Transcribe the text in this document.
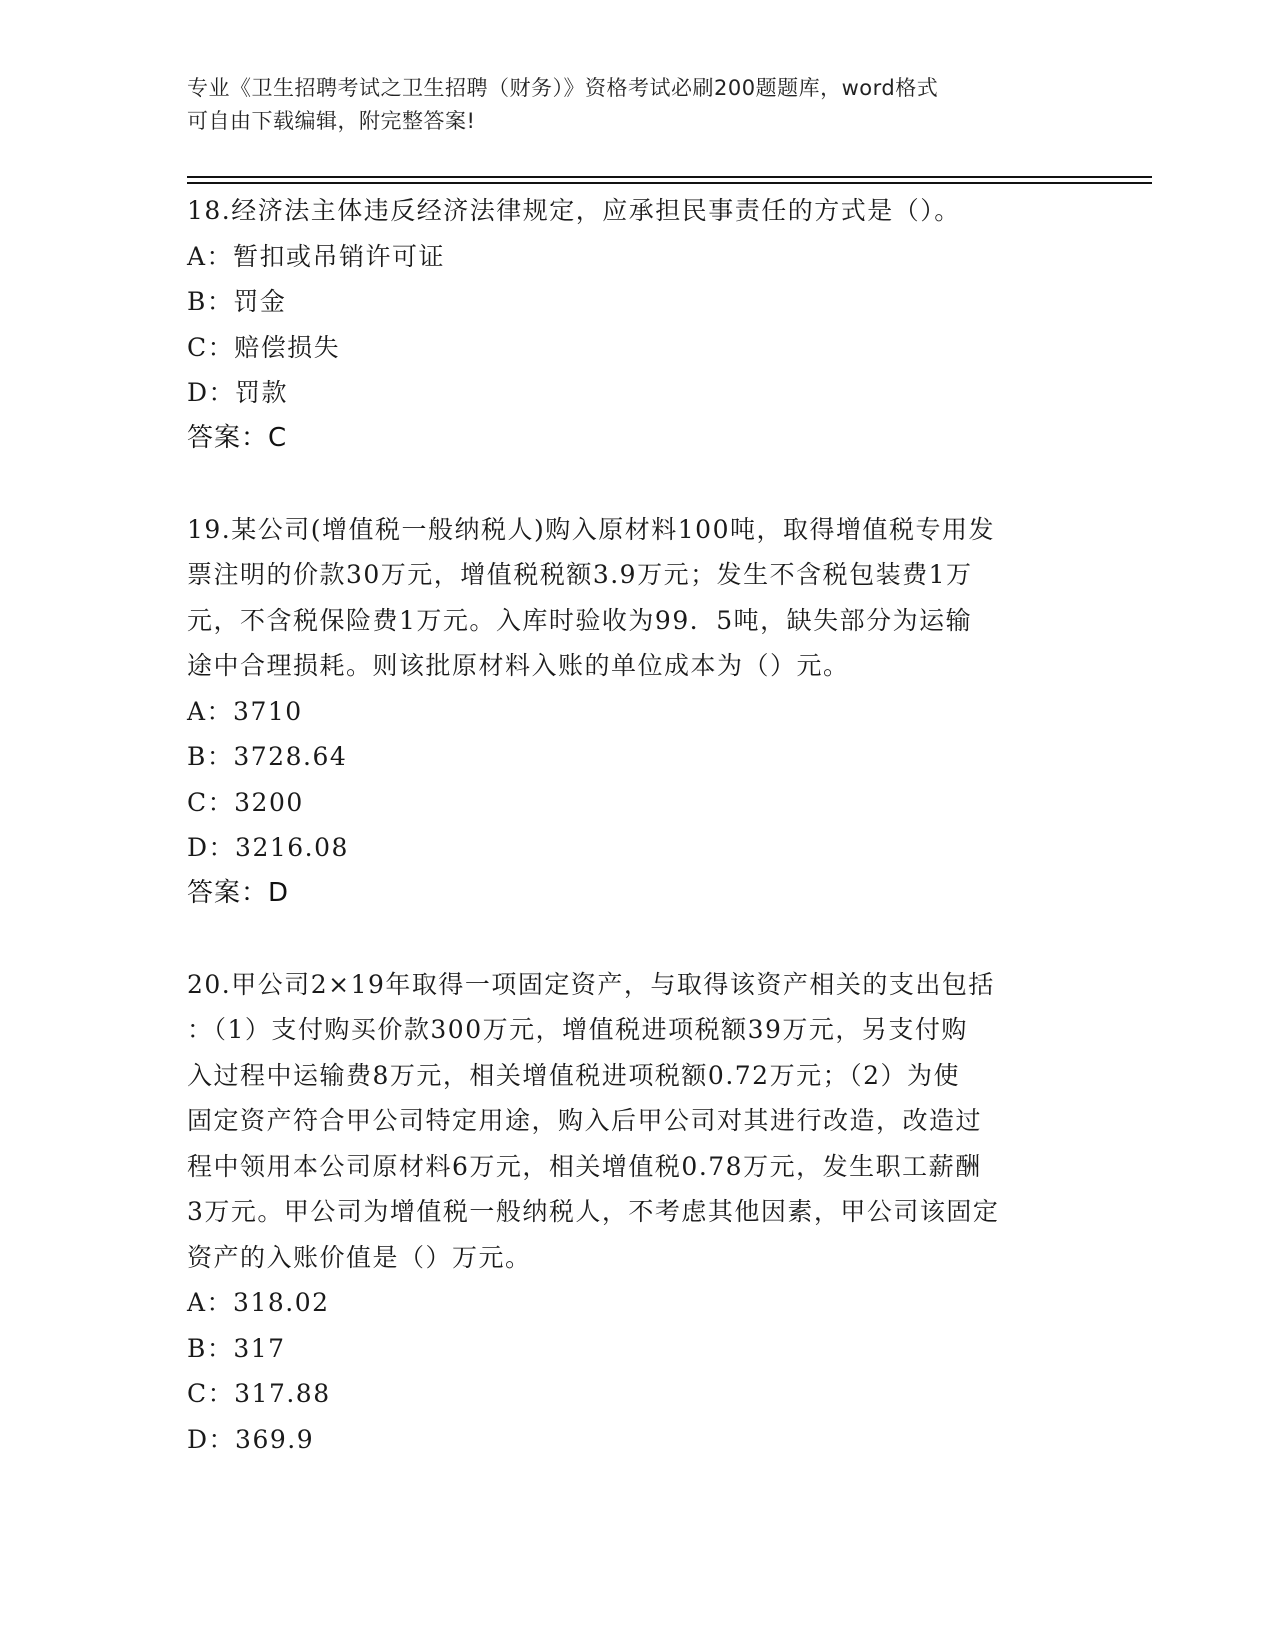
专业《卫生招聘考试之卫生招聘（财务）》资格考试必刷200题题库，word格式
可自由下载编辑，附完整答案!
18.经济法主体违反经济法律规定，应承担民事责任的方式是（）。
A：暂扣或吊销许可证
B：罚金
C：赔偿损失
D：罚款
答案：C
19.某公司(增值税一般纳税人)购入原材料100吨，取得增值税专用发
票注明的价款30万元，增值税税额3.9万元；发生不含税包装费1万
元，不含税保险费1万元。入库时验收为99．5吨，缺失部分为运输
途中合理损耗。则该批原材料入账的单位成本为（）元。
A：3710
B：3728.64
C：3200
D：3216.08
答案：D
20.甲公司2×19年取得一项固定资产，与取得该资产相关的支出包括
：（1）支付购买价款300万元，增值税进项税额39万元，另支付购
入过程中运输费8万元，相关增值税进项税额0.72万元；（2）为使
固定资产符合甲公司特定用途，购入后甲公司对其进行改造，改造过
程中领用本公司原材料6万元，相关增值税0.78万元，发生职工薪酬
3万元。甲公司为增值税一般纳税人，不考虑其他因素，甲公司该固定
资产的入账价值是（）万元。
A：318.02
B：317
C：317.88
D：369.9
